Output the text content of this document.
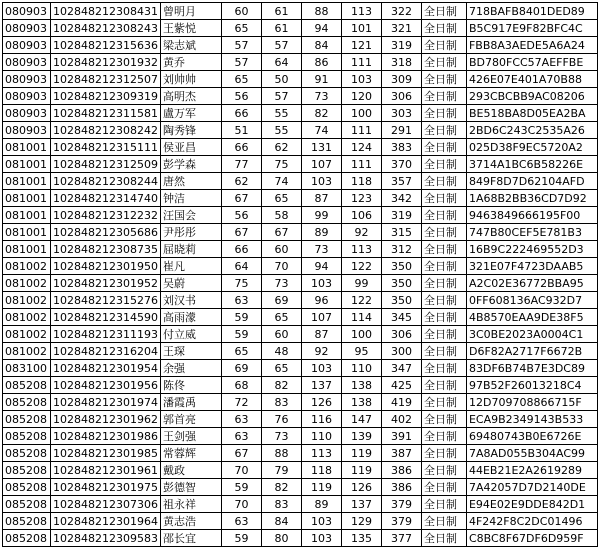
080903	102848212308431	曾明月	60	61	88	113	322	全日制	718BAFB8401DED89
080903	102848212308243	王紫悦	65	61	94	101	321	全日制	B5C917E9F82BFC4C
080903	102848212315636	梁志斌	57	57	84	121	319	全日制	FBB8A3AEDE5A6A24
080903	102848212301932	黄乔	57	64	86	111	318	全日制	BD780FCC57AEFFBE
080903	102848212312507	刘帅帅	65	50	91	103	309	全日制	426E07E401A70B88
080903	102848212309319	高明杰	56	57	73	120	306	全日制	293CBCBB9AC08206
080903	102848212311581	盧万军	66	55	82	100	303	全日制	BE518BA8D05EA2BA
080903	102848212308242	陶秀锋	51	55	74	111	291	全日制	2BD6C243C2535A26
081001	102848212315111	侯亚昌	66	62	131	124	383	全日制	025D38F9EC5720A2
081001	102848212312509	彭学森	77	75	107	111	370	全日制	3714A1BC6B58226E
081001	102848212308244	唐然	62	74	103	118	357	全日制	849F8D7D62104AFD
081001	102848212314740	钟洁	67	65	87	123	342	全日制	1A68B2BB36CD7D92
081001	102848212312232	汪国会	56	58	99	106	319	全日制	9463849666195F00
081001	102848212305686	尹彤彤	67	67	89	92	315	全日制	747B80CEF5E781B3
081001	102848212308735	屈晓莉	66	60	73	113	312	全日制	16B9C222469552D3
081002	102848212301950	崔凡	64	70	94	122	350	全日制	321E07F4723DAAB5
081002	102848212301952	吴蔚	75	73	103	99	350	全日制	A2C02E36772BBA95
081002	102848212315276	刘汉书	63	69	96	122	350	全日制	0FF608136AC932D7
081002	102848212314590	高雨濛	59	65	107	114	345	全日制	4B8570EAA9DE38F5
081002	102848212311193	付立威	59	60	87	100	306	全日制	3C0BE2023A0004C1
081002	102848212316204	王琛	65	48	92	95	300	全日制	D6F82A2717F6672B
083100	102848212301954	余强	69	65	103	110	347	全日制	83DF6B74B7E3DC89
085208	102848212301956	陈佟	68	82	137	138	425	全日制	97B52F26013218C4
085208	102848212301974	潘霞禹	72	83	126	138	419	全日制	12D709708866715F
085208	102848212301962	郭首亮	63	76	116	147	402	全日制	ECA9B2349143B533
085208	102848212301986	王剑强	63	73	110	139	391	全日制	69480743B0E6726E
085208	102848212301985	常蓉辉	67	88	113	119	387	全日制	7A8AD055B304AC99
085208	102848212301961	戴政	70	79	118	119	386	全日制	44EB21E2A2619289
085208	102848212301975	彭德智	59	82	119	126	386	全日制	7A42057D7D2140DE
085208	102848212307306	祖永祥	70	83	89	137	379	全日制	E94E02E9DDE842D1
085208	102848212301964	黄志浩	63	84	103	129	379	全日制	4F242F8C2DC01496
085208	102848212309583	邵长宜	59	80	103	135	377	全日制	C8BC8F67DF6D959F
